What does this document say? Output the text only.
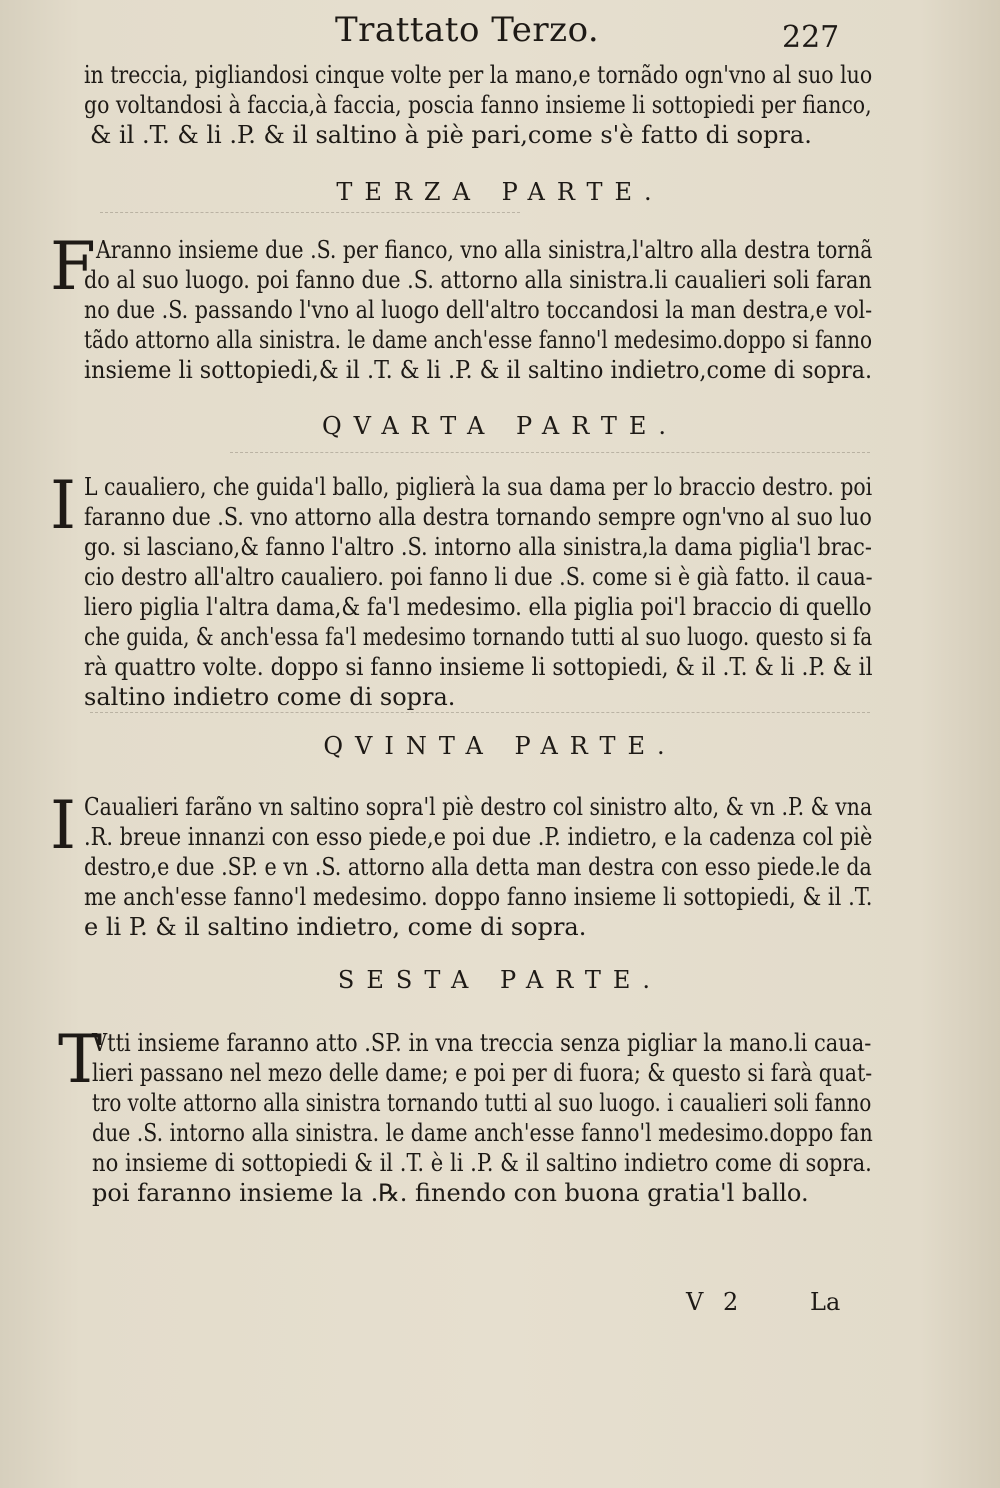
Trattato Terzo.	227
in treccia, pigliandosi cinque volte per la mano,e tornãdo ogn'vno al suo luo
go voltandosi à faccia,à faccia, poscia fanno insieme li sottopiedi per fianco,
& il .T. & li .P. & il saltino à piè pari,come s'è fatto di sopra.
TERZA PARTE.
F Aranno insieme due .S. per fianco, vno alla sinistra,l'altro alla destra tornã
do al suo luogo. poi fanno due .S. attorno alla sinistra.li caualieri soli faran
no due .S. passando l'vno al luogo dell'altro toccandosi la man destra,e vol-
tãdo attorno alla sinistra. le dame anch'esse fanno'l medesimo.doppo si fanno
insieme li sottopiedi,& il .T. & li .P. & il saltino indietro,come di sopra.
QVARTA PARTE.
I L caualiero, che guida'l ballo, piglierà la sua dama per lo braccio destro. poi
faranno due .S. vno attorno alla destra tornando sempre ogn'vno al suo luo
go. si lasciano,& fanno l'altro .S. intorno alla sinistra,la dama piglia'l brac-
cio destro all'altro caualiero. poi fanno li due .S. come si è già fatto. il caua-
liero piglia l'altra dama,& fa'l medesimo. ella piglia poi'l braccio di quello
che guida, & anch'essa fa'l medesimo tornando tutti al suo luogo. questo si fa
rà quattro volte. doppo si fanno insieme li sottopiedi, & il .T. & li .P. & il
saltino indietro come di sopra.
QVINTA PARTE.
I Caualieri farãno vn saltino sopra'l piè destro col sinistro alto, & vn .P. & vna
.R. breue innanzi con esso piede,e poi due .P. indietro, e la cadenza col piè
destro,e due .SP. e vn .S. attorno alla detta man destra con esso piede.le da
me anch'esse fanno'l medesimo. doppo fanno insieme li sottopiedi, & il .T.
e li P. & il saltino indietro, come di sopra.
SESTA PARTE.
T
Vtti insieme faranno atto .SP. in vna treccia senza pigliar la mano.li caua-
lieri passano nel mezo delle dame; e poi per di fuora; & questo si farà quat-
tro volte attorno alla sinistra tornando tutti al suo luogo. i caualieri soli fanno
due .S. intorno alla sinistra. le dame anch'esse fanno'l medesimo.doppo fan
no insieme di sottopiedi & il .T. è li .P. & il saltino indietro come di sopra.
poi faranno insieme la .℞. finendo con buona gratia'l ballo.
V 2	La
